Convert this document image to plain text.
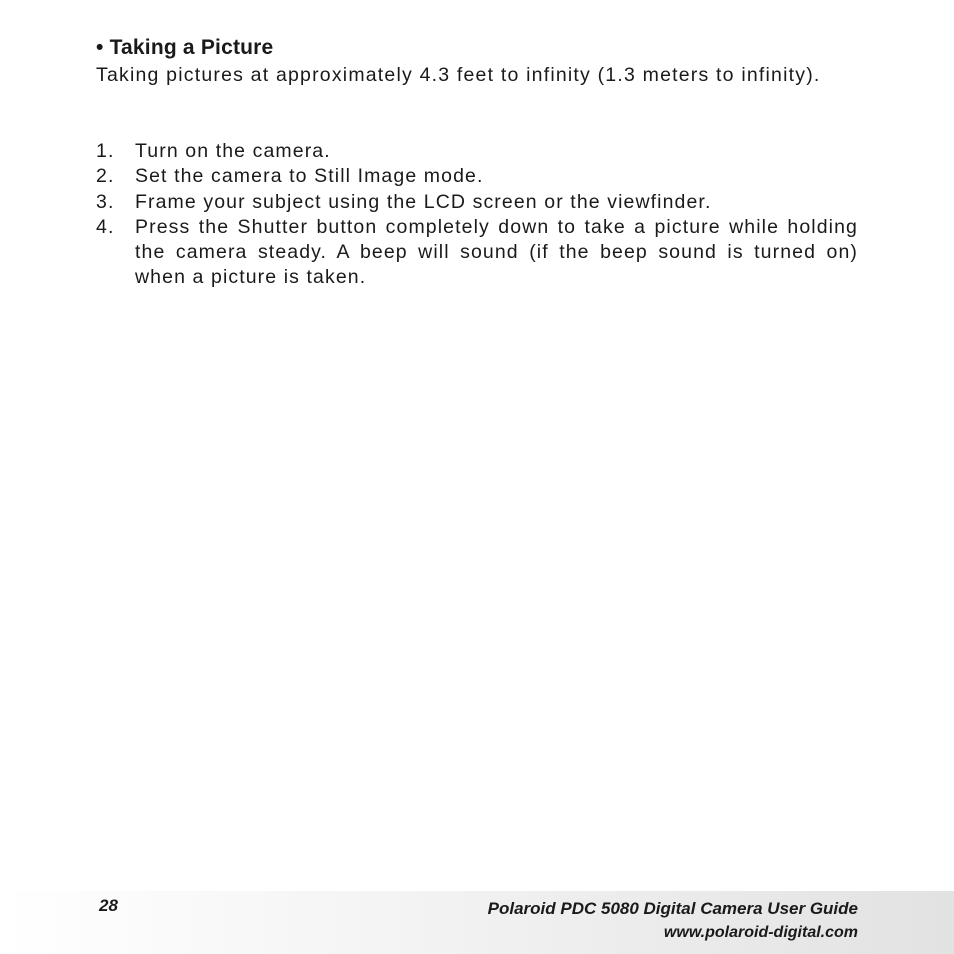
• Taking a Picture
Taking pictures at approximately 4.3 feet to infinity (1.3 meters to infinity).
1. Turn on the camera.
2. Set the camera to Still Image mode.
3. Frame your subject using the LCD screen or the viewfinder.
4. Press the Shutter button completely down to take a picture while holding the camera steady. A beep will sound (if the beep sound is turned on) when a picture is taken.
28	Polaroid PDC 5080 Digital Camera User Guide
www.polaroid-digital.com
